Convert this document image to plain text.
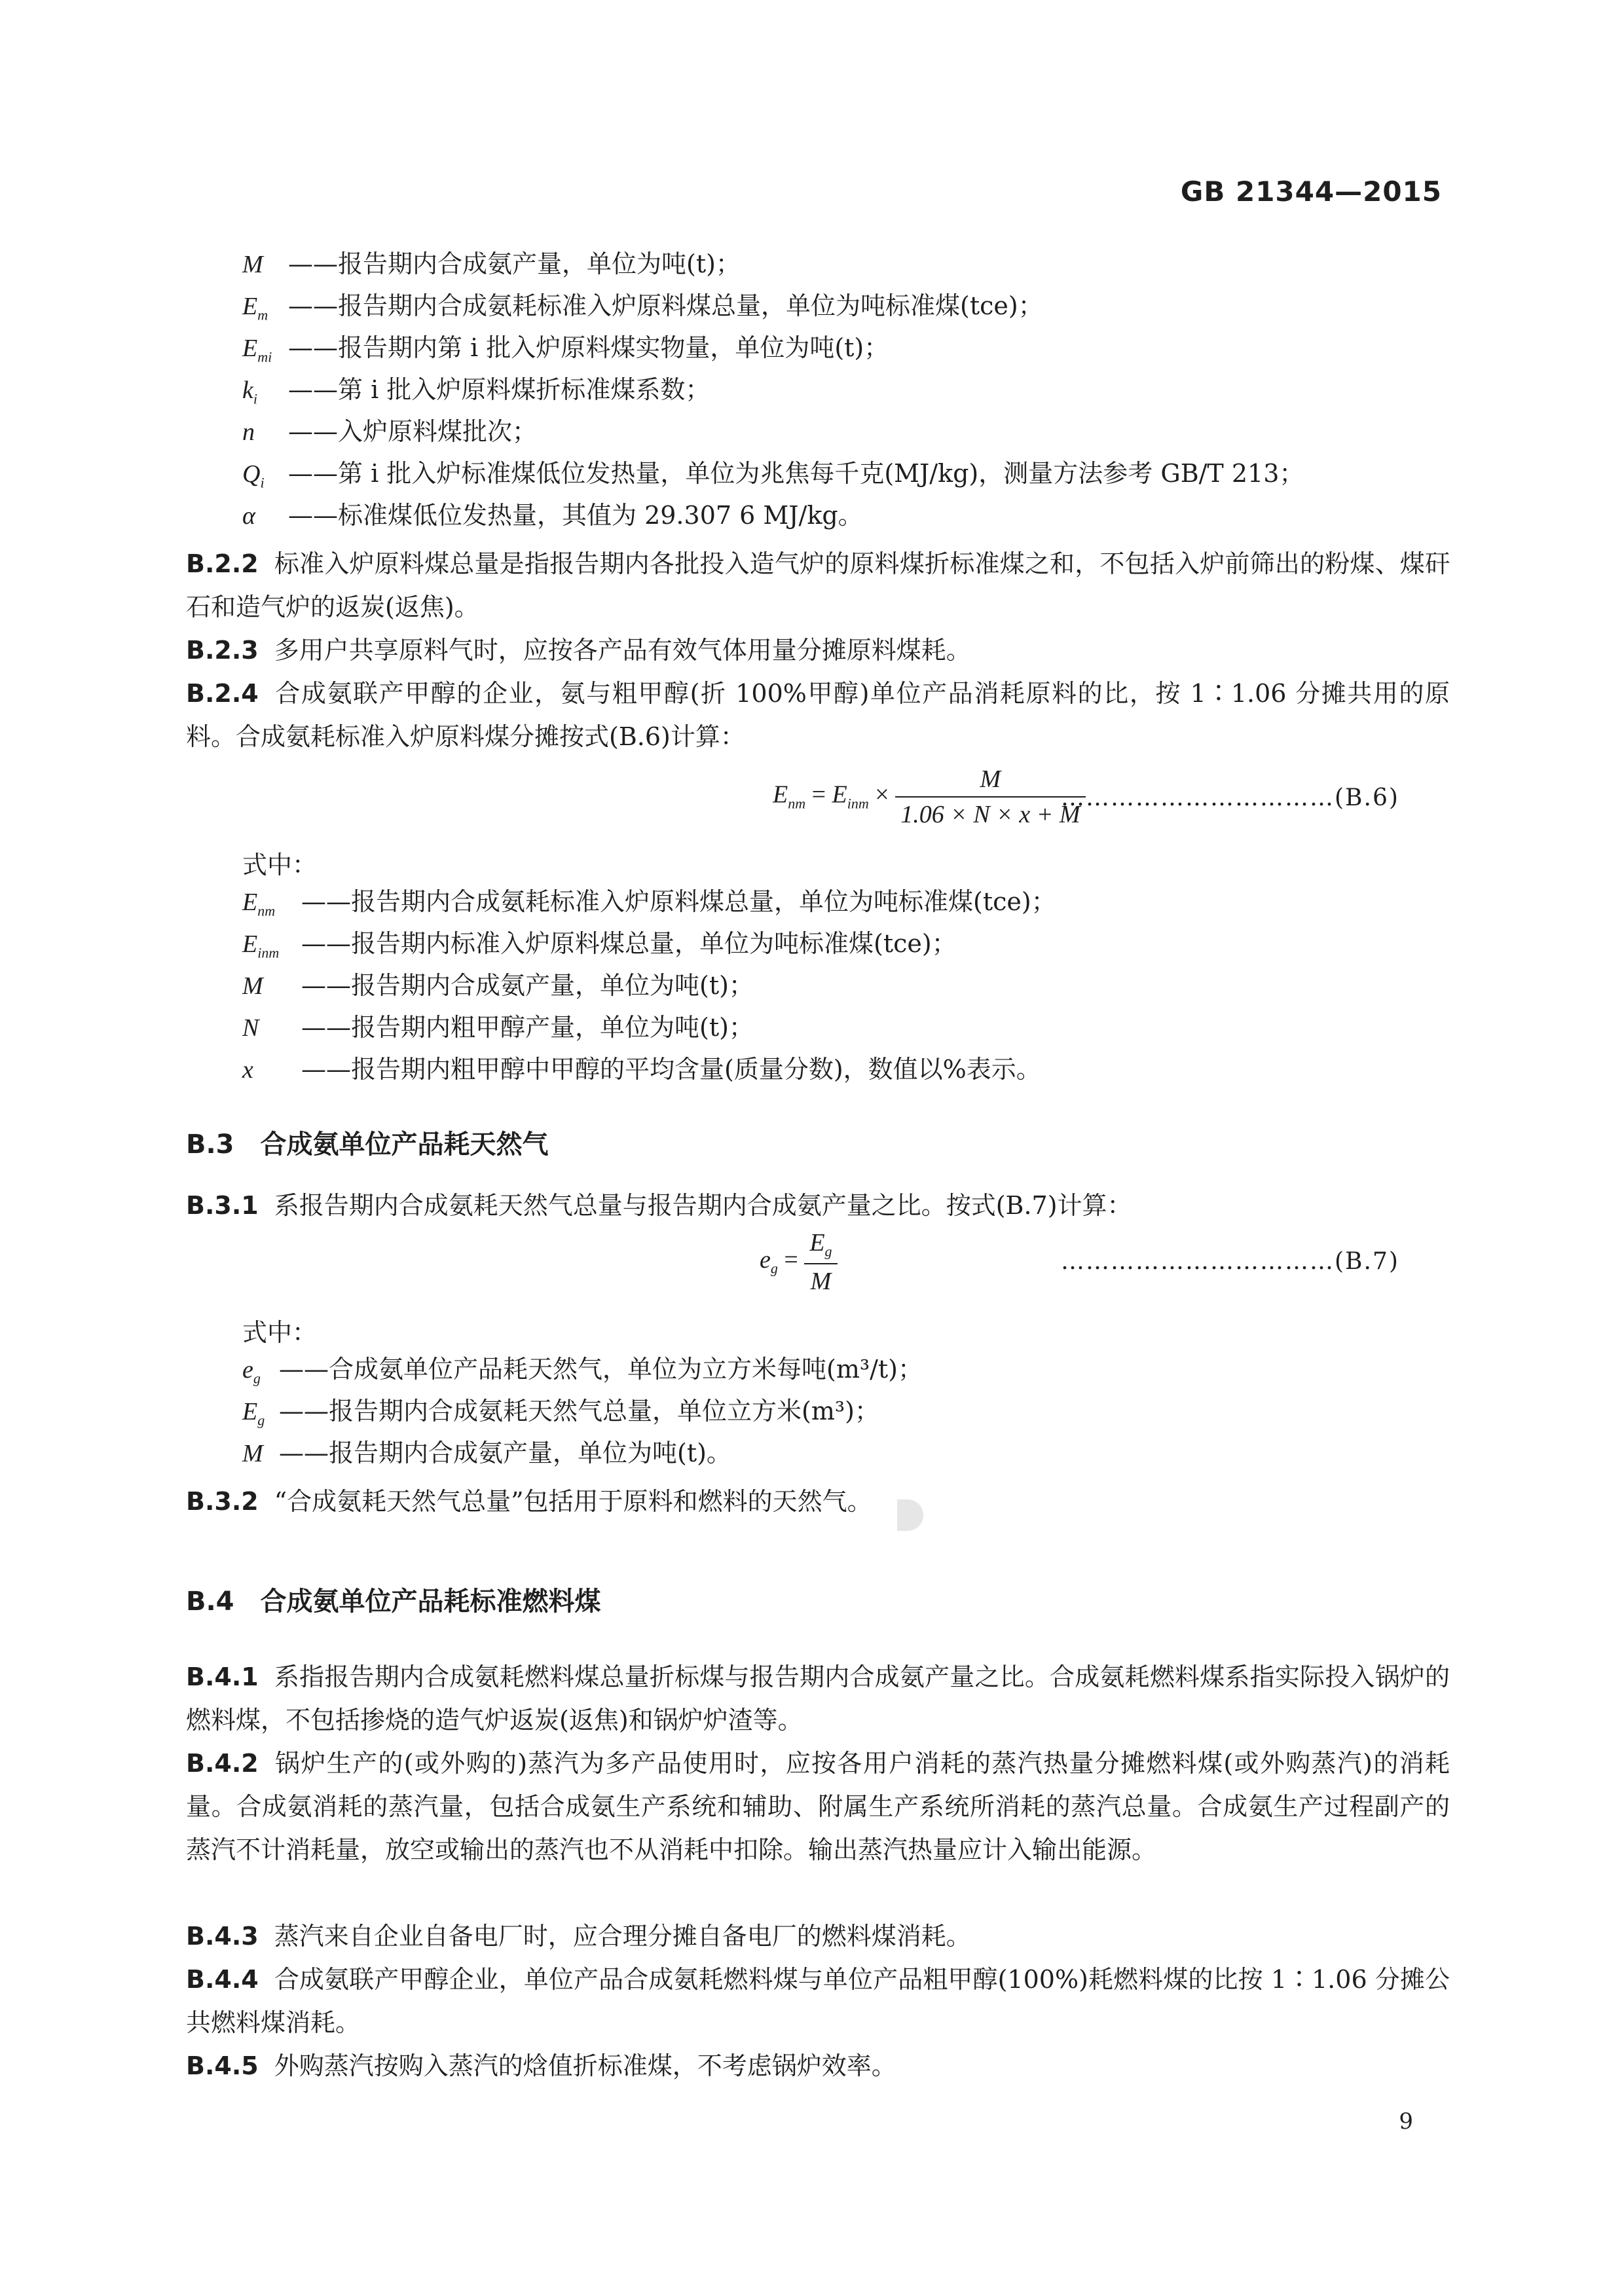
GB 21344—2015
M ——报告期内合成氨产量，单位为吨(t)；
$E_m$ ——报告期内合成氨耗标准入炉原料煤总量，单位为吨标准煤(tce)；
$E_{mi}$ ——报告期内第 i 批入炉原料煤实物量，单位为吨(t)；
$k_i$ ——第 i 批入炉原料煤折标准煤系数；
n ——入炉原料煤批次；
$Q_i$ ——第 i 批入炉标准煤低位发热量，单位为兆焦每千克(MJ/kg)，测量方法参考 GB/T 213；
α ——标准煤低位发热量，其值为 29.307 6 MJ/kg。
B.2.2 标准入炉原料煤总量是指报告期内各批投入造气炉的原料煤折标准煤之和，不包括入炉前筛出的粉煤、煤矸石和造气炉的返炭(返焦)。
B.2.3 多用户共享原料气时，应按各产品有效气体用量分摊原料煤耗。
B.2.4 合成氨联产甲醇的企业，氨与粗甲醇(折 100%甲醇)单位产品消耗原料的比，按 1∶1.06 分摊共用的原料。合成氨耗标准入炉原料煤分摊按式(B.6)计算：
$E_{nm} = E_{inm} \times \frac{M}{1.06 \times N \times x + M}$
……………………………(B.6)
式中：
$E_{nm}$ ——报告期内合成氨耗标准入炉原料煤总量，单位为吨标准煤(tce)；
$E_{inm}$ ——报告期内标准入炉原料煤总量，单位为吨标准煤(tce)；
M ——报告期内合成氨产量，单位为吨(t)；
N ——报告期内粗甲醇产量，单位为吨(t)；
x ——报告期内粗甲醇中甲醇的平均含量(质量分数)，数值以%表示。
B.3 合成氨单位产品耗天然气
B.3.1 系报告期内合成氨耗天然气总量与报告期内合成氨产量之比。按式(B.7)计算：
$e_g = \frac{E_g}{M}$	……………………………(B.7)
式中：
$e_g$ ——合成氨单位产品耗天然气，单位为立方米每吨(m³/t)；
$E_g$ ——报告期内合成氨耗天然气总量，单位立方米(m³)；
M ——报告期内合成氨产量，单位为吨(t)。
B.3.2 “合成氨耗天然气总量”包括用于原料和燃料的天然气。
B.4 合成氨单位产品耗标准燃料煤
B.4.1 系指报告期内合成氨耗燃料煤总量折标煤与报告期内合成氨产量之比。合成氨耗燃料煤系指实际投入锅炉的燃料煤，不包括掺烧的造气炉返炭(返焦)和锅炉炉渣等。
B.4.2 锅炉生产的(或外购的)蒸汽为多产品使用时，应按各用户消耗的蒸汽热量分摊燃料煤(或外购蒸汽)的消耗量。合成氨消耗的蒸汽量，包括合成氨生产系统和辅助、附属生产系统所消耗的蒸汽总量。合成氨生产过程副产的蒸汽不计消耗量，放空或输出的蒸汽也不从消耗中扣除。输出蒸汽热量应计入输出能源。
B.4.3 蒸汽来自企业自备电厂时，应合理分摊自备电厂的燃料煤消耗。
B.4.4 合成氨联产甲醇企业，单位产品合成氨耗燃料煤与单位产品粗甲醇(100%)耗燃料煤的比按 1∶1.06 分摊公共燃料煤消耗。
B.4.5 外购蒸汽按购入蒸汽的焓值折标准煤，不考虑锅炉效率。
9
